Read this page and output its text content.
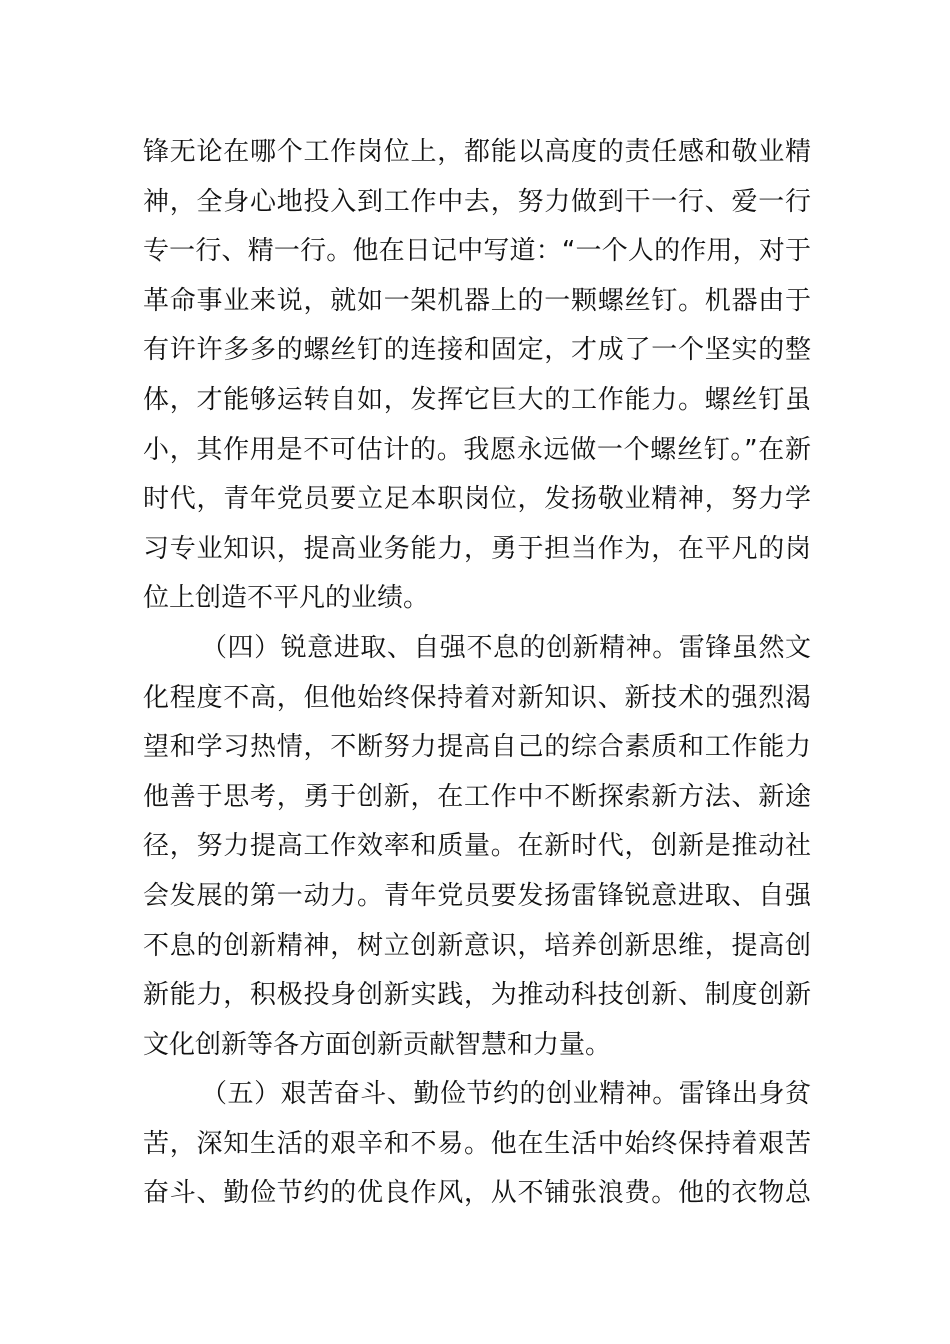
锋无论在哪个工作岗位上，都能以高度的责任感和敬业精
神，全身心地投入到工作中去，努力做到干一行、爱一行
专一行、精一行。他在日记中写道：“一个人的作用，对于
革命事业来说，就如一架机器上的一颗螺丝钉。机器由于
有许许多多的螺丝钉的连接和固定，才成了一个坚实的整
体，才能够运转自如，发挥它巨大的工作能力。螺丝钉虽
小，其作用是不可估计的。我愿永远做一个螺丝钉。”在新
时代，青年党员要立足本职岗位，发扬敬业精神，努力学
习专业知识，提高业务能力，勇于担当作为，在平凡的岗
位上创造不平凡的业绩。
（四）锐意进取、自强不息的创新精神。雷锋虽然文
化程度不高，但他始终保持着对新知识、新技术的强烈渴
望和学习热情，不断努力提高自己的综合素质和工作能力
他善于思考，勇于创新，在工作中不断探索新方法、新途
径，努力提高工作效率和质量。在新时代，创新是推动社
会发展的第一动力。青年党员要发扬雷锋锐意进取、自强
不息的创新精神，树立创新意识，培养创新思维，提高创
新能力，积极投身创新实践，为推动科技创新、制度创新
文化创新等各方面创新贡献智慧和力量。
（五）艰苦奋斗、勤俭节约的创业精神。雷锋出身贫
苦，深知生活的艰辛和不易。他在生活中始终保持着艰苦
奋斗、勤俭节约的优良作风，从不铺张浪费。他的衣物总
